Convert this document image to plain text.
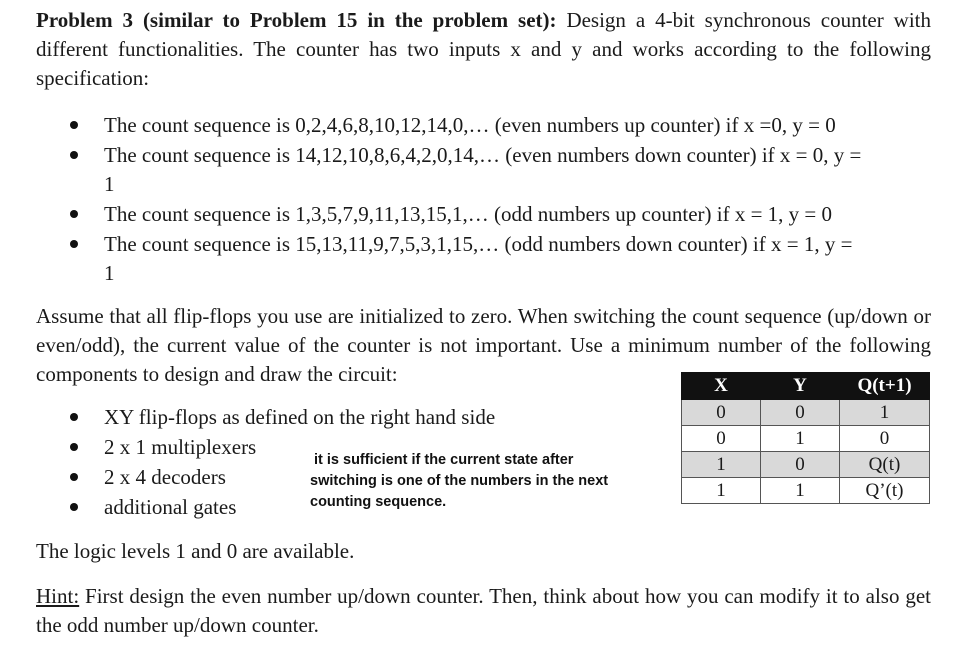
Problem 3 (similar to Problem 15 in the problem set): Design a 4-bit synchronous counter with different functionalities. The counter has two inputs x and y and works according to the following specification:
The count sequence is 0,2,4,6,8,10,12,14,0,… (even numbers up counter) if x =0, y = 0
The count sequence is 14,12,10,8,6,4,2,0,14,… (even numbers down counter) if x = 0, y =
1
The count sequence is 1,3,5,7,9,11,13,15,1,… (odd numbers up counter) if x = 1, y = 0
The count sequence is 15,13,11,9,7,5,3,1,15,… (odd numbers down counter) if x = 1, y =
1
Assume that all flip-flops you use are initialized to zero. When switching the count sequence (up/down or even/odd), the current value of the counter is not important. Use a minimum number of the following components to design and draw the circuit:
XY flip-flops as defined on the right hand side
2 x 1 multiplexers
2 x 4 decoders
additional gates
it is sufficient if the current state after
switching is one of the numbers in the next
counting sequence.
X	Y	Q(t+1)
0	0	1
0	1	0
1	0	Q(t)
1	1	Q’(t)
The logic levels 1 and 0 are available.
Hint: First design the even number up/down counter. Then, think about how you can modify it to also get the odd number up/down counter.
